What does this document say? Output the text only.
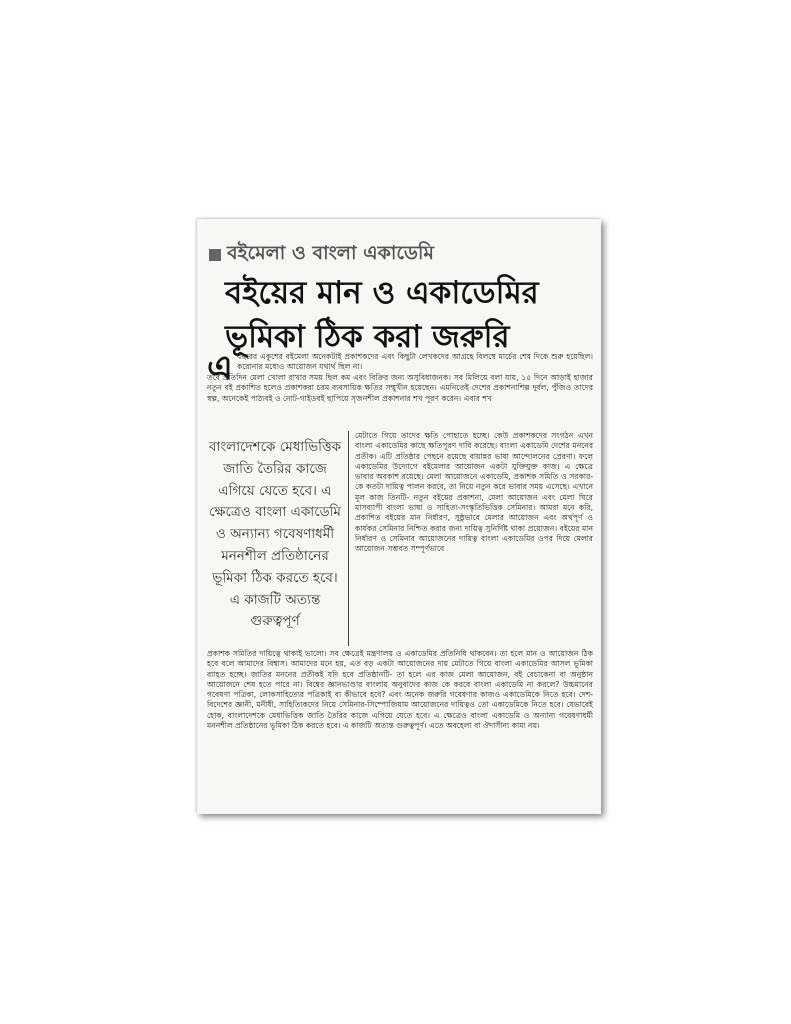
বইমেলা ও বাংলা একাডেমি
বইয়ের মান ও একাডেমির
ভূমিকা ঠিক করা জরুরি
এ বছরের একুশের বইমেলা অনেকটাই প্রকাশকদের এবং কিছুটা লেখকদের আগ্রহে বিলম্বে মার্চের শেষ দিকে শুরু হয়েছিল। করোনার মধ্যেও আয়োজন যথার্থ ছিল না।
তবে প্রতিদিন মেলা খোলা রাখার সময় ছিল কম এবং বিক্রির জন্য অসুবিধাজনক। সব মিলিয়ে বলা যায়, ১৫ দিনে আড়াই হাজার নতুন বই প্রকাশিত হলেও প্রকাশকরা চরম ব্যবসায়িক ক্ষতির সম্মুখীন হয়েছেন। এমনিতেই দেশের প্রকাশনাশিল্প দুর্বল, পুঁজিও তাদের স্বল্প, অনেকেই পাঠ্যবই ও নোট-গাইডবই ছাপিয়ে সৃজনশীল প্রকাশনার শখ পূরণ করেন। এবার শখ
বাংলাদেশকে মেধাভিত্তিক জাতি তৈরির কাজে এগিয়ে যেতে হবে। এ ক্ষেত্রেও বাংলা একাডেমি ও অন্যান্য গবেষণাধর্মী মননশীল প্রতিষ্ঠানের ভূমিকা ঠিক করতে হবে। এ কাজটি অত্যন্ত গুরুত্বপূর্ণ
মেটাতে গিয়ে তাদের ক্ষতি পোহাতে হচ্ছে। কেউ প্রকাশকদের সংগঠন এখন বাংলা একাডেমির কাছে ক্ষতিপূরণ দাবি করেছে। বাংলা একাডেমি দেশের মননের প্রতীক। এটি প্রতিষ্ঠার পেছনে রয়েছে বায়ান্নর ভাষা আন্দোলনের প্রেরণা। ফলে একাডেমির উদ্যোগে বইমেলার আয়োজন একটা যুক্তিযুক্ত কাজ। এ ক্ষেত্রে ভাবার অবকাশ রয়েছে। মেলা আয়োজনে একাডেমি, প্রকাশক সমিতি ও সরকার- কে কতটা দায়িত্ব পালন করবে, তা নিয়ে নতুন করে ভাবার সময় এসেছে। এখানে মূল কাজ তিনটি- নতুন বইয়ের প্রকাশনা, মেলা আয়োজন এবং মেলা ঘিরে মাসব্যাপী বাংলা ভাষা ও সাহিত্য-সংস্কৃতিভিত্তিক সেমিনার। আমরা মনে করি, প্রকাশিত বইয়ের মান নির্ধারণ, সুষ্ঠুভাবে মেলার আয়োজন এবং অর্থপূর্ণ ও কার্যকর সেমিনার নিশ্চিত করার জন্য দায়িত্ব সুনির্দিষ্ট থাকা প্রয়োজন। বইয়ের মান নির্ধারণ ও সেমিনার আয়োজনের দায়িত্ব বাংলা একাডেমির ওপর দিয়ে মেলার আয়োজন সম্ভবত সম্পূর্ণভাবে
প্রকাশক সমিতির দায়িত্বে থাকাই ভালো। সব ক্ষেত্রেই মন্ত্রণালয় ও একাডেমির প্রতিনিধি থাকবেন। তা হলে মান ও আয়োজন ঠিক হবে বলে আমাদের বিশ্বাস। আমাদের মনে হয়, এত বড় একটা আয়োজনের দায় মেটাতে গিয়ে বাংলা একাডেমির আসল ভূমিকা ব্যাহত হচ্ছে। জাতির মননের প্রতীকই যদি হবে প্রতিষ্ঠানটি- তা হলে এর কাজ মেলা আয়োজন, বই বেচাকেনা বা অনুষ্ঠান আয়োজনে শেষ হতে পারে না। বিশ্বের জ্ঞানভাণ্ডার বাংলায় অনুবাদের কাজ কে করবে বাংলা একাডেমি না করলে? উচ্চমানের গবেষণা পত্রিকা, লোকসাহিত্যের পত্রিকাই বা কীভাবে হবে? এবং অনেক জরুরি গবেষণার কাজও একাডেমিকে নিতে হবে। দেশ-বিদেশের জ্ঞানী, মনীষী, সাহিত্যিকদের নিয়ে সেমিনার-সিম্পোজিয়াম আয়োজনের দায়িত্বও তো একাডেমিকে নিতে হবে। যেভাবেই হোক, বাংলাদেশকে মেধাভিত্তিক জাতি তৈরির কাজে এগিয়ে যেতে হবে। এ ক্ষেত্রেও বাংলা একাডেমি ও অন্যান্য গবেষণাধর্মী মননশীল প্রতিষ্ঠানের ভূমিকা ঠিক করতে হবে। এ কাজটি অত্যন্ত গুরুত্বপূর্ণ। এতে অবহেলা বা ঔদাসীন্য কাম্য নয়।
